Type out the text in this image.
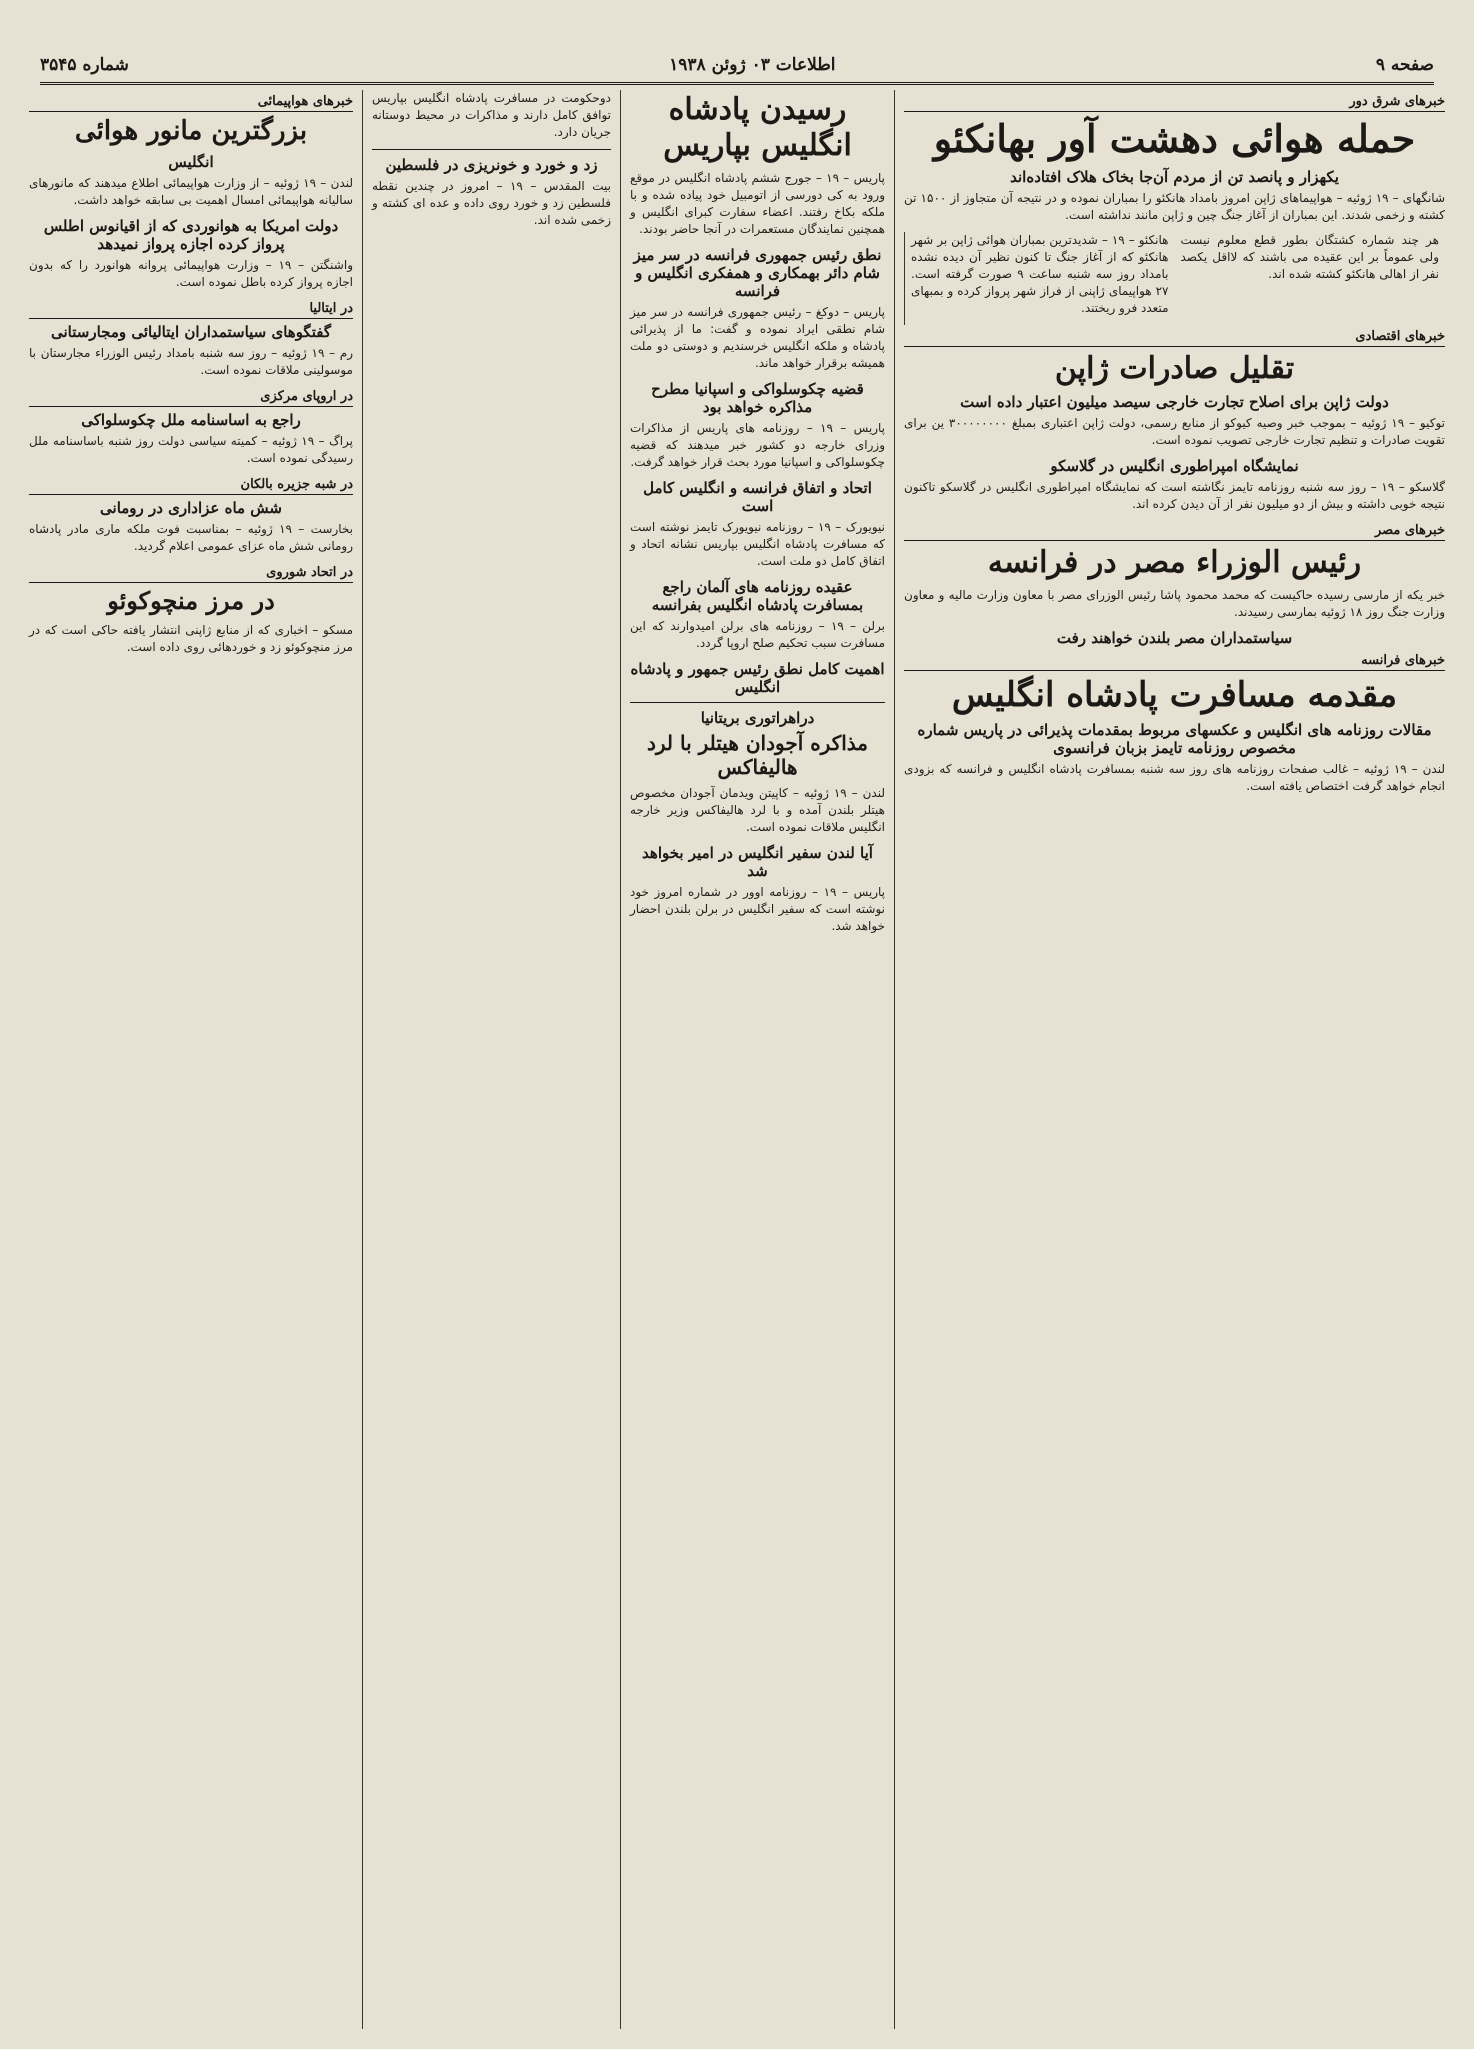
صفحه ۹
اطلاعات ۰۳ ژوئن ۱۹۳۸
شماره ۳۵۴۵
خبرهای شرق دور
حمله هوائی دهشت آور بهانکئو
یکهزار و پانصد تن از مردم آن‌جا بخاک هلاک افتاده‌اند

شانگهای – ۱۹ ژوئیه – هواپیماهای ژاپن امروز بامداد هانکئو را بمباران نموده و در نتیجه آن متجاوز از ۱۵۰۰ تن کشته و زخمی شدند. این بمباران از آغاز جنگ چین و ژاپن مانند نداشته است.

هانکئو – ۱۹ – شدیدترین بمباران هوائی ژاپن بر شهر هانکئو که از آغاز جنگ تا کنون نظیر آن دیده نشده بامداد روز سه شنبه ساعت ۹ صورت گرفته است. ۲۷ هواپیمای ژاپنی از فراز شهر پرواز کرده و بمبهای متعدد فرو ریختند.

هر چند شماره کشتگان بطور قطع معلوم نیست ولی عموماً بر این عقیده می باشند که لااقل یکصد نفر از اهالی هانکئو کشته شده اند.

خبرهای اقتصادی
تقلیل صادرات ژاپن
دولت ژاپن برای اصلاح تجارت خارجی سیصد میلیون اعتبار داده است

توکیو – ۱۹ ژوئیه – بموجب خبر وصیه کیوکو از منابع رسمی، دولت ژاپن اعتباری بمبلغ ۳۰۰۰۰۰۰۰۰ ین برای تقویت صادرات و تنظیم تجارت خارجی تصویب نموده است.

نمایشگاه امپراطوری انگلیس در گلاسکو

گلاسکو – ۱۹ – روز سه شنبه روزنامه تایمز نگاشته است که نمایشگاه امپراطوری انگلیس در گلاسکو تاکنون نتیجه خوبی داشته و بیش از دو میلیون نفر از آن دیدن کرده اند.

خبرهای مصر
رئیس الوزراء مصر در فرانسه

خبر یکه از مارسی رسیده حاکیست که محمد محمود پاشا رئیس الوزرای مصر با معاون وزارت مالیه و معاون وزارت جنگ روز ۱۸ ژوئیه بمارسی رسیدند.

سیاستمداران مصر بلندن خواهند رفت
خبرهای فرانسه
مقدمه مسافرت پادشاه انگلیس
مقالات روزنامه های انگلیس و عکسهای مربوط بمقدمات پذیرائی در پاریس شماره مخصوص روزنامه تایمز بزبان فرانسوی

لندن – ۱۹ ژوئیه – غالب صفحات روزنامه های روز سه شنبه بمسافرت پادشاه انگلیس و فرانسه که بزودی انجام خواهد گرفت اختصاص یافته است.

رسیدن پادشاه انگلیس بپاریس

پاریس – ۱۹ – جورج ششم پادشاه انگلیس در موقع ورود به کی دورسی از اتومبیل خود پیاده شده و با ملکه بکاخ رفتند. اعضاء سفارت کبرای انگلیس و همچنین نمایندگان مستعمرات در آنجا حاضر بودند.

نطق رئیس جمهوری فرانسه در سر میز شام دائر بهمکاری و همفکری انگلیس و فرانسه

پاریس – دوکغ – رئیس جمهوری فرانسه در سر میز شام نطقی ایراد نموده و گفت: ما از پذیرائی پادشاه و ملکه انگلیس خرسندیم و دوستی دو ملت همیشه برقرار خواهد ماند.

قضیه چکوسلواکی و اسپانیا مطرح مذاکره خواهد بود

پاریس – ۱۹ – روزنامه های پاریس از مذاکرات وزرای خارجه دو کشور خبر میدهند که قضیه چکوسلواکی و اسپانیا مورد بحث قرار خواهد گرفت.

اتحاد و اتفاق فرانسه و انگلیس کامل است

نیویورک – ۱۹ – روزنامه نیویورک تایمز نوشته است که مسافرت پادشاه انگلیس بپاریس نشانه اتحاد و اتفاق کامل دو ملت است.

عقیده روزنامه های آلمان راجع بمسافرت پادشاه انگلیس بفرانسه

برلن – ۱۹ – روزنامه های برلن امیدوارند که این مسافرت سبب تحکیم صلح اروپا گردد.

اهمیت کامل نطق رئیس جمهور و پادشاه انگلیس
دراهراتوری بریتانیا
مذاکره آجودان هیتلر با لرد هالیفاکس

لندن – ۱۹ ژوئیه – کاپیتن ویدمان آجودان مخصوص هیتلر بلندن آمده و با لرد هالیفاکس وزیر خارجه انگلیس ملاقات نموده است.

آیا لندن سفیر انگلیس در امیر بخواهد شد

پاریس – ۱۹ – روزنامه اوور در شماره امروز خود نوشته است که سفیر انگلیس در برلن بلندن احضار خواهد شد.

دوحکومت در مسافرت پادشاه انگلیس بپاریس توافق کامل دارند و مذاکرات در محیط دوستانه جریان دارد.

زد و خورد و خونریزی در فلسطین

بیت المقدس – ۱۹ – امروز در چندین نقطه فلسطین زد و خورد روی داده و عده ای کشته و زخمی شده اند.

خبرهای هواپیمائی
بزرگترین مانور هوائی
انگلیس

لندن – ۱۹ ژوئیه – از وزارت هواپیمائی اطلاع میدهند که مانورهای سالیانه هواپیمائی امسال اهمیت بی سابقه خواهد داشت.

دولت امریکا به هوانوردی که از اقیانوس اطلس پرواز کرده اجازه پرواز نمیدهد

واشنگتن – ۱۹ – وزارت هواپیمائی پروانه هوانورد را که بدون اجازه پرواز کرده باطل نموده است.

در ایتالیا
گفتگوهای سیاستمداران ایتالیائی ومجارستانی

رم – ۱۹ ژوئیه – روز سه شنبه بامداد رئیس الوزراء مجارستان با موسولینی ملاقات نموده است.

در اروپای مرکزی
راجع به اساسنامه ملل چکوسلواکی

پراگ – ۱۹ ژوئیه – کمیته سیاسی دولت روز شنبه باساسنامه ملل رسیدگی نموده است.

در شبه جزیره بالکان
شش ماه عزاداری در رومانی

بخارست – ۱۹ ژوئیه – بمناسبت فوت ملکه ماری مادر پادشاه رومانی شش ماه عزای عمومی اعلام گردید.

در اتحاد شوروی
در مرز منچوکوئو

مسکو – اخباری که از منابع ژاپنی انتشار یافته حاکی است که در مرز منچوکوئو زد و خوردهائی روی داده است.
